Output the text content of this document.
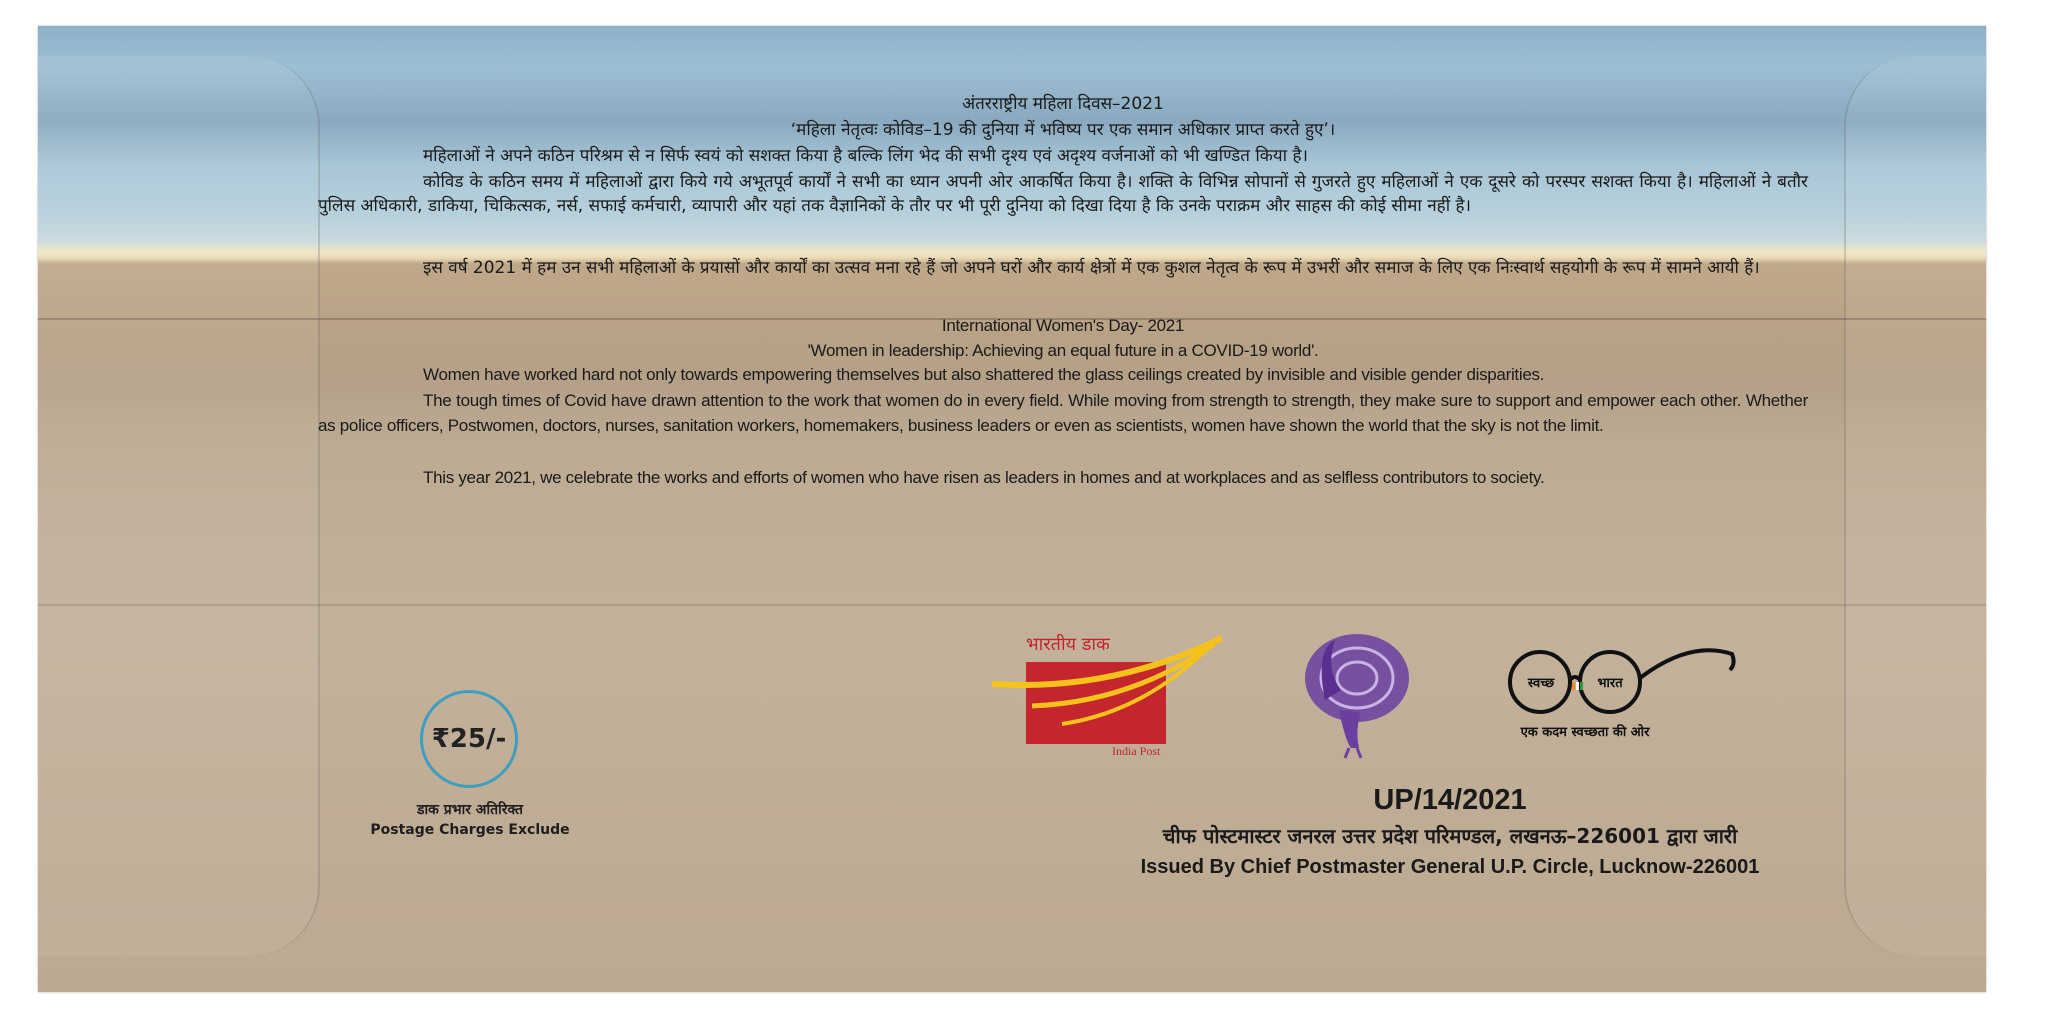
अंतरराष्ट्रीय महिला दिवस–2021
‘महिला नेतृत्वः कोविड–19 की दुनिया में भविष्य पर एक समान अधिकार प्राप्त करते हुए’।
महिलाओं ने अपने कठिन परिश्रम से न सिर्फ स्वयं को सशक्त किया है बल्कि लिंग भेद की सभी दृश्य एवं अदृश्य वर्जनाओं को भी खण्डित किया है।
कोविड के कठिन समय में महिलाओं द्वारा किये गये अभूतपूर्व कार्यों ने सभी का ध्यान अपनी ओर आकर्षित किया है। शक्ति के विभिन्न सोपानों से गुजरते हुए महिलाओं ने एक दूसरे को परस्पर सशक्त किया है। महिलाओं ने बतौर पुलिस अधिकारी, डाकिया, चिकित्सक, नर्स, सफाई कर्मचारी, व्यापारी और यहां तक वैज्ञानिकों के तौर पर भी पूरी दुनिया को दिखा दिया है कि उनके पराक्रम और साहस की कोई सीमा नहीं है।
इस वर्ष 2021 में हम उन सभी महिलाओं के प्रयासों और कार्यों का उत्सव मना रहे हैं जो अपने घरों और कार्य क्षेत्रों में एक कुशल नेतृत्व के रूप में उभरीं और समाज के लिए एक निःस्वार्थ सहयोगी के रूप में सामने आयी हैं।
International Women's Day- 2021
'Women in leadership: Achieving an equal future in a COVID-19 world'.
Women have worked hard not only towards empowering themselves but also shattered the glass ceilings created by invisible and visible gender disparities.
The tough times of Covid have drawn attention to the work that women do in every field. While moving from strength to strength, they make sure to support and empower each other. Whether as police officers, Postwomen, doctors, nurses, sanitation workers, homemakers, business leaders or even as scientists, women have shown the world that the sky is not the limit.
This year 2021, we celebrate the works and efforts of women who have risen as leaders in homes and at workplaces and as selfless contributors to society.
₹25/-
डाक प्रभार अतिरिक्त
Postage Charges Exclude
भारतीय डाक
India Post
स्वच्छ	भारत
एक कदम स्वच्छता की ओर
UP/14/2021
चीफ पोस्टमास्टर जनरल उत्तर प्रदेश परिमण्डल, लखनऊ–226001 द्वारा जारी
Issued By Chief Postmaster General U.P. Circle, Lucknow-226001
